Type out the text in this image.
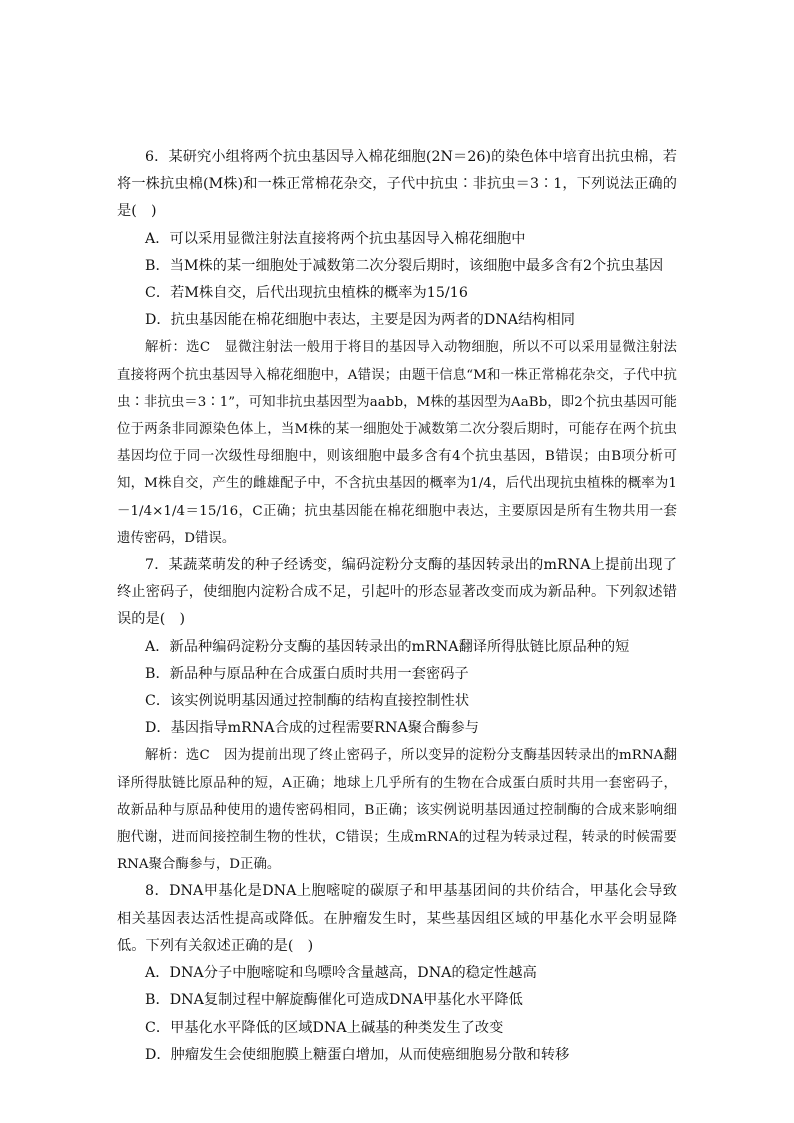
6．某研究小组将两个抗虫基因导入棉花细胞(2N＝26)的染色体中培育出抗虫棉，若将一株抗虫棉(M株)和一株正常棉花杂交，子代中抗虫∶非抗虫＝3∶1，下列说法正确的是(　)

A．可以采用显微注射法直接将两个抗虫基因导入棉花细胞中

B．当M株的某一细胞处于减数第二次分裂后期时，该细胞中最多含有2个抗虫基因

C．若M株自交，后代出现抗虫植株的概率为15/16

D．抗虫基因能在棉花细胞中表达，主要是因为两者的DNA结构相同

解析：选C 显微注射法一般用于将目的基因导入动物细胞，所以不可以采用显微注射法直接将两个抗虫基因导入棉花细胞中，A错误；由题干信息“M和一株正常棉花杂交，子代中抗虫∶非抗虫＝3∶1”，可知非抗虫基因型为aabb，M株的基因型为AaBb，即2个抗虫基因可能位于两条非同源染色体上，当M株的某一细胞处于减数第二次分裂后期时，可能存在两个抗虫基因均位于同一次级性母细胞中，则该细胞中最多含有4个抗虫基因，B错误；由B项分析可知，M株自交，产生的雌雄配子中，不含抗虫基因的概率为1/4，后代出现抗虫植株的概率为1－1/4×1/4＝15/16，C正确；抗虫基因能在棉花细胞中表达，主要原因是所有生物共用一套遗传密码，D错误。

7．某蔬菜萌发的种子经诱变，编码淀粉分支酶的基因转录出的mRNA上提前出现了终止密码子，使细胞内淀粉合成不足，引起叶的形态显著改变而成为新品种。下列叙述错误的是(　)

A．新品种编码淀粉分支酶的基因转录出的mRNA翻译所得肽链比原品种的短

B．新品种与原品种在合成蛋白质时共用一套密码子

C．该实例说明基因通过控制酶的结构直接控制性状

D．基因指导mRNA合成的过程需要RNA聚合酶参与

解析：选C 因为提前出现了终止密码子，所以变异的淀粉分支酶基因转录出的mRNA翻译所得肽链比原品种的短，A正确；地球上几乎所有的生物在合成蛋白质时共用一套密码子，故新品种与原品种使用的遗传密码相同，B正确；该实例说明基因通过控制酶的合成来影响细胞代谢，进而间接控制生物的性状，C错误；生成mRNA的过程为转录过程，转录的时候需要RNA聚合酶参与，D正确。

8．DNA甲基化是DNA上胞嘧啶的碳原子和甲基基团间的共价结合，甲基化会导致相关基因表达活性提高或降低。在肿瘤发生时，某些基因组区域的甲基化水平会明显降低。下列有关叙述正确的是(　)

A．DNA分子中胞嘧啶和鸟嘌呤含量越高，DNA的稳定性越高

B．DNA复制过程中解旋酶催化可造成DNA甲基化水平降低

C．甲基化水平降低的区域DNA上碱基的种类发生了改变

D．肿瘤发生会使细胞膜上糖蛋白增加，从而使癌细胞易分散和转移
